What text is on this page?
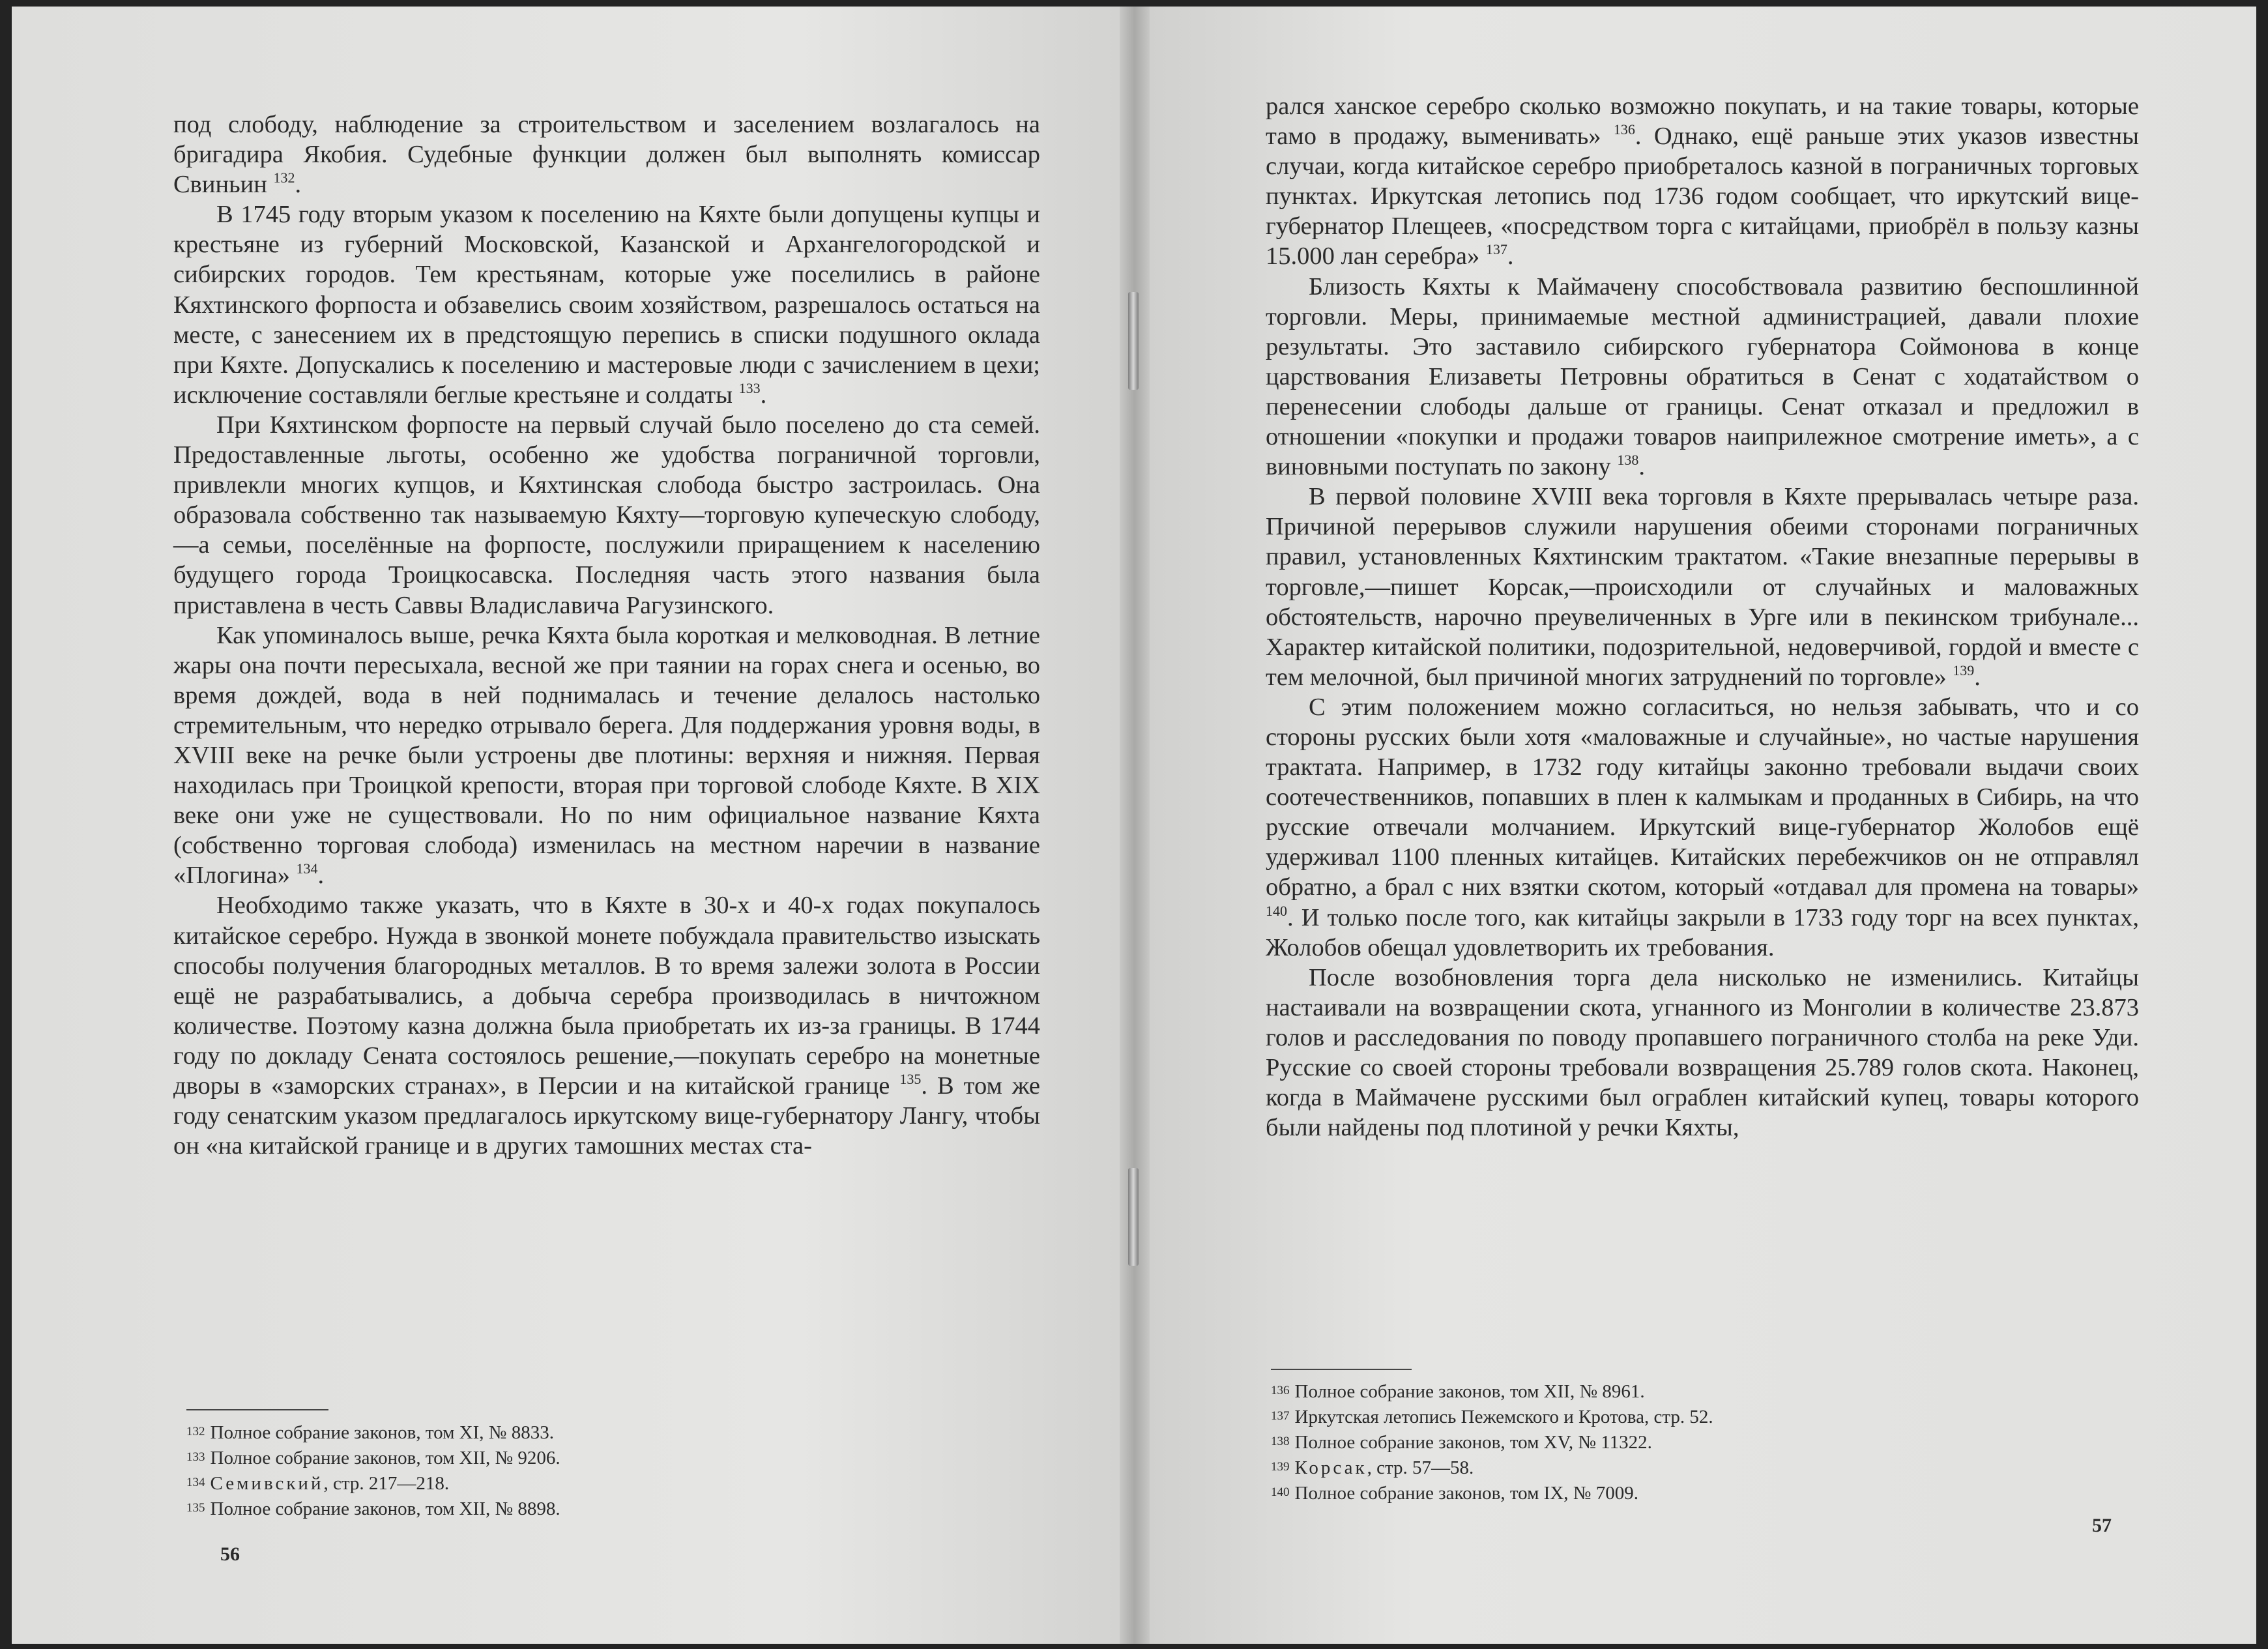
под слободу, наблюдение за строительством и заселением возлагалось на бригадира Якобия. Судебные функции должен был выполнять комиссар Свиньин $^{132}$.

В 1745 году вторым указом к поселению на Кяхте были допущены купцы и крестьяне из губерний Московской, Казанской и Архангелогородской и сибирских городов. Тем крестьянам, которые уже поселились в районе Кяхтинского форпоста и обзавелись своим хозяйством, разрешалось остаться на месте, с занесением их в предстоящую перепись в списки подушного оклада при Кяхте. Допускались к поселению и мастеровые люди с зачислением в цехи; исключение составляли беглые крестьяне и солдаты $^{133}$.

При Кяхтинском форпосте на первый случай было поселено до ста семей. Предоставленные льготы, особенно же удобства пограничной торговли, привлекли многих купцов, и Кяхтинская слобода быстро застроилась. Она образовала собственно так называемую Кяхту—торговую купеческую слободу,—а семьи, поселённые на форпосте, послужили приращением к населению будущего города Троицкосавска. Последняя часть этого названия была приставлена в честь Саввы Владиславича Рагузинского.

Как упоминалось выше, речка Кяхта была короткая и мелководная. В летние жары она почти пересыхала, весной же при таянии на горах снега и осенью, во время дождей, вода в ней поднималась и течение делалось настолько стремительным, что нередко отрывало берега. Для поддержания уровня воды, в XVIII веке на речке были устроены две плотины: верхняя и нижняя. Первая находилась при Троицкой крепости, вторая при торговой слободе Кяхте. В XIX веке они уже не существовали. Но по ним официальное название Кяхта (собственно торговая слобода) изменилась на местном наречии в название «Плогина» $^{134}$.

Необходимо также указать, что в Кяхте в 30-х и 40-х годах покупалось китайское серебро. Нужда в звонкой монете побуждала правительство изыскать способы получения благородных металлов. В то время залежи золота в России ещё не разрабатывались, а добыча серебра производилась в ничтожном количестве. Поэтому казна должна была приобретать их из-за границы. В 1744 году по докладу Сената состоялось решение,—покупать серебро на монетные дворы в «заморских странах», в Персии и на китайской границе $^{135}$. В том же году сенатским указом предлагалось иркутскому вице-губернатору Лангу, чтобы он «на китайской границе и в других тамошних местах ста-

132 Полное собрание законов, том XI, № 8833.
133 Полное собрание законов, том XII, № 9206.
134 Семивский, стр. 217—218.
135 Полное собрание законов, том XII, № 8898.
56

рался ханское серебро сколько возможно покупать, и на такие товары, которые тамо в продажу, выменивать» $^{136}$. Однако, ещё раньше этих указов известны случаи, когда китайское серебро приобреталось казной в пограничных торговых пунктах. Иркутская летопись под 1736 годом сообщает, что иркутский вице-губернатор Плещеев, «посредством торга с китайцами, приобрёл в пользу казны 15.000 лан серебра» $^{137}$.

Близость Кяхты к Маймачену способствовала развитию беспошлинной торговли. Меры, принимаемые местной администрацией, давали плохие результаты. Это заставило сибирского губернатора Соймонова в конце царствования Елизаветы Петровны обратиться в Сенат с ходатайством о перенесении слободы дальше от границы. Сенат отказал и предложил в отношении «покупки и продажи товаров наиприлежное смотрение иметь», а с виновными поступать по закону $^{138}$.

В первой половине XVIII века торговля в Кяхте прерывалась четыре раза. Причиной перерывов служили нарушения обеими сторонами пограничных правил, установленных Кяхтинским трактатом. «Такие внезапные перерывы в торговле,—пишет Корсак,—происходили от случайных и маловажных обстоятельств, нарочно преувеличенных в Урге или в пекинском трибунале... Характер китайской политики, подозрительной, недоверчивой, гордой и вместе с тем мелочной, был причиной многих затруднений по торговле» $^{139}$.

С этим положением можно согласиться, но нельзя забывать, что и со стороны русских были хотя «маловажные и случайные», но частые нарушения трактата. Например, в 1732 году китайцы законно требовали выдачи своих соотечественников, попавших в плен к калмыкам и проданных в Сибирь, на что русские отвечали молчанием. Иркутский вице-губернатор Жолобов ещё удерживал 1100 пленных китайцев. Китайских перебежчиков он не отправлял обратно, а брал с них взятки скотом, который «отдавал для промена на товары» $^{140}$. И только после того, как китайцы закрыли в 1733 году торг на всех пунктах, Жолобов обещал удовлетворить их требования.

После возобновления торга дела нисколько не изменились. Китайцы настаивали на возвращении скота, угнанного из Монголии в количестве 23.873 голов и расследования по поводу пропавшего пограничного столба на реке Уди. Русские со своей стороны требовали возвращения 25.789 голов скота. Наконец, когда в Маймачене русскими был ограблен китайский купец, товары которого были найдены под плотиной у речки Кяхты,

136 Полное собрание законов, том XII, № 8961.
137 Иркутская летопись Пежемского и Кротова, стр. 52.
138 Полное собрание законов, том XV, № 11322.
139 Корсак, стр. 57—58.
140 Полное собрание законов, том IX, № 7009.
57
